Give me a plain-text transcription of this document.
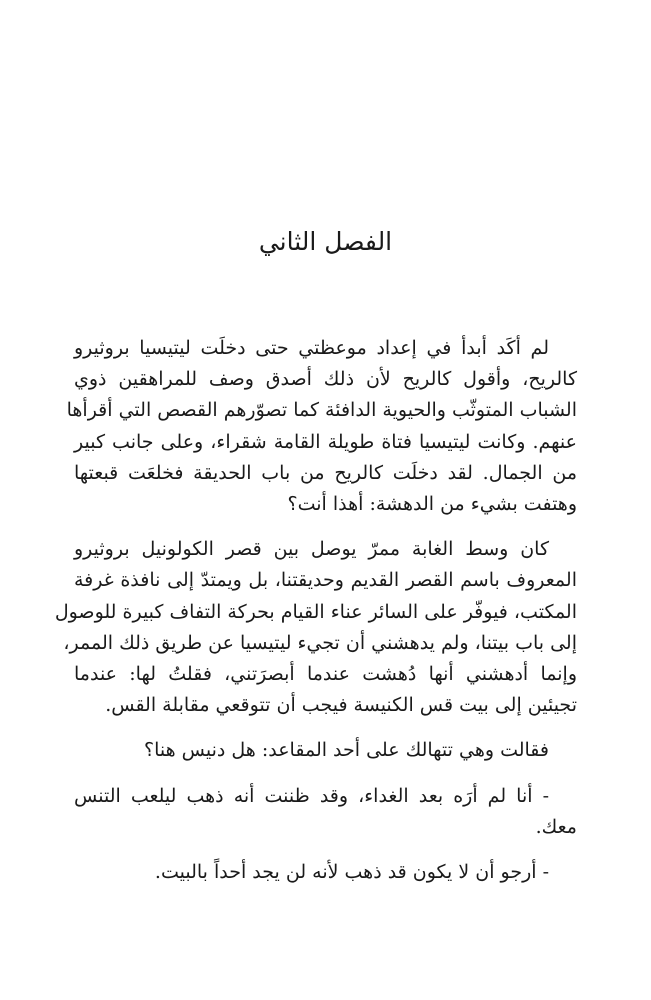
الفصل الثاني

لم أكَد أبدأ في إعداد موعظتي حتى دخلَت ليتيسيا بروثيرو
كالريح، وأقول كالريح لأن ذلك أصدق وصف للمراهقين ذوي
الشباب المتوثّب والحيوية الدافئة كما تصوّرهم القصص التي أقرأها
عنهم. وكانت ليتيسيا فتاة طويلة القامة شقراء، وعلى جانب كبير
من الجمال. لقد دخلَت كالريح من باب الحديقة فخلعَت قبعتها
وهتفت بشيء من الدهشة: أهذا أنت؟

كان وسط الغابة ممرّ يوصل بين قصر الكولونيل بروثيرو
المعروف باسم القصر القديم وحديقتنا، بل ويمتدّ إلى نافذة غرفة
المكتب، فيوفّر على السائر عناء القيام بحركة التفاف كبيرة للوصول
إلى باب بيتنا، ولم يدهشني أن تجيء ليتيسيا عن طريق ذلك الممر،
وإنما أدهشني أنها دُهشت عندما أبصرَتني، فقلتُ لها: عندما
تجيئين إلى بيت قس الكنيسة فيجب أن تتوقعي مقابلة القس.

فقالت وهي تتهالك على أحد المقاعد: هل دنيس هنا؟

- أنا لم أرَه بعد الغداء، وقد ظننت أنه ذهب ليلعب التنس
معك.

- أرجو أن لا يكون قد ذهب لأنه لن يجد أحداً بالبيت.
